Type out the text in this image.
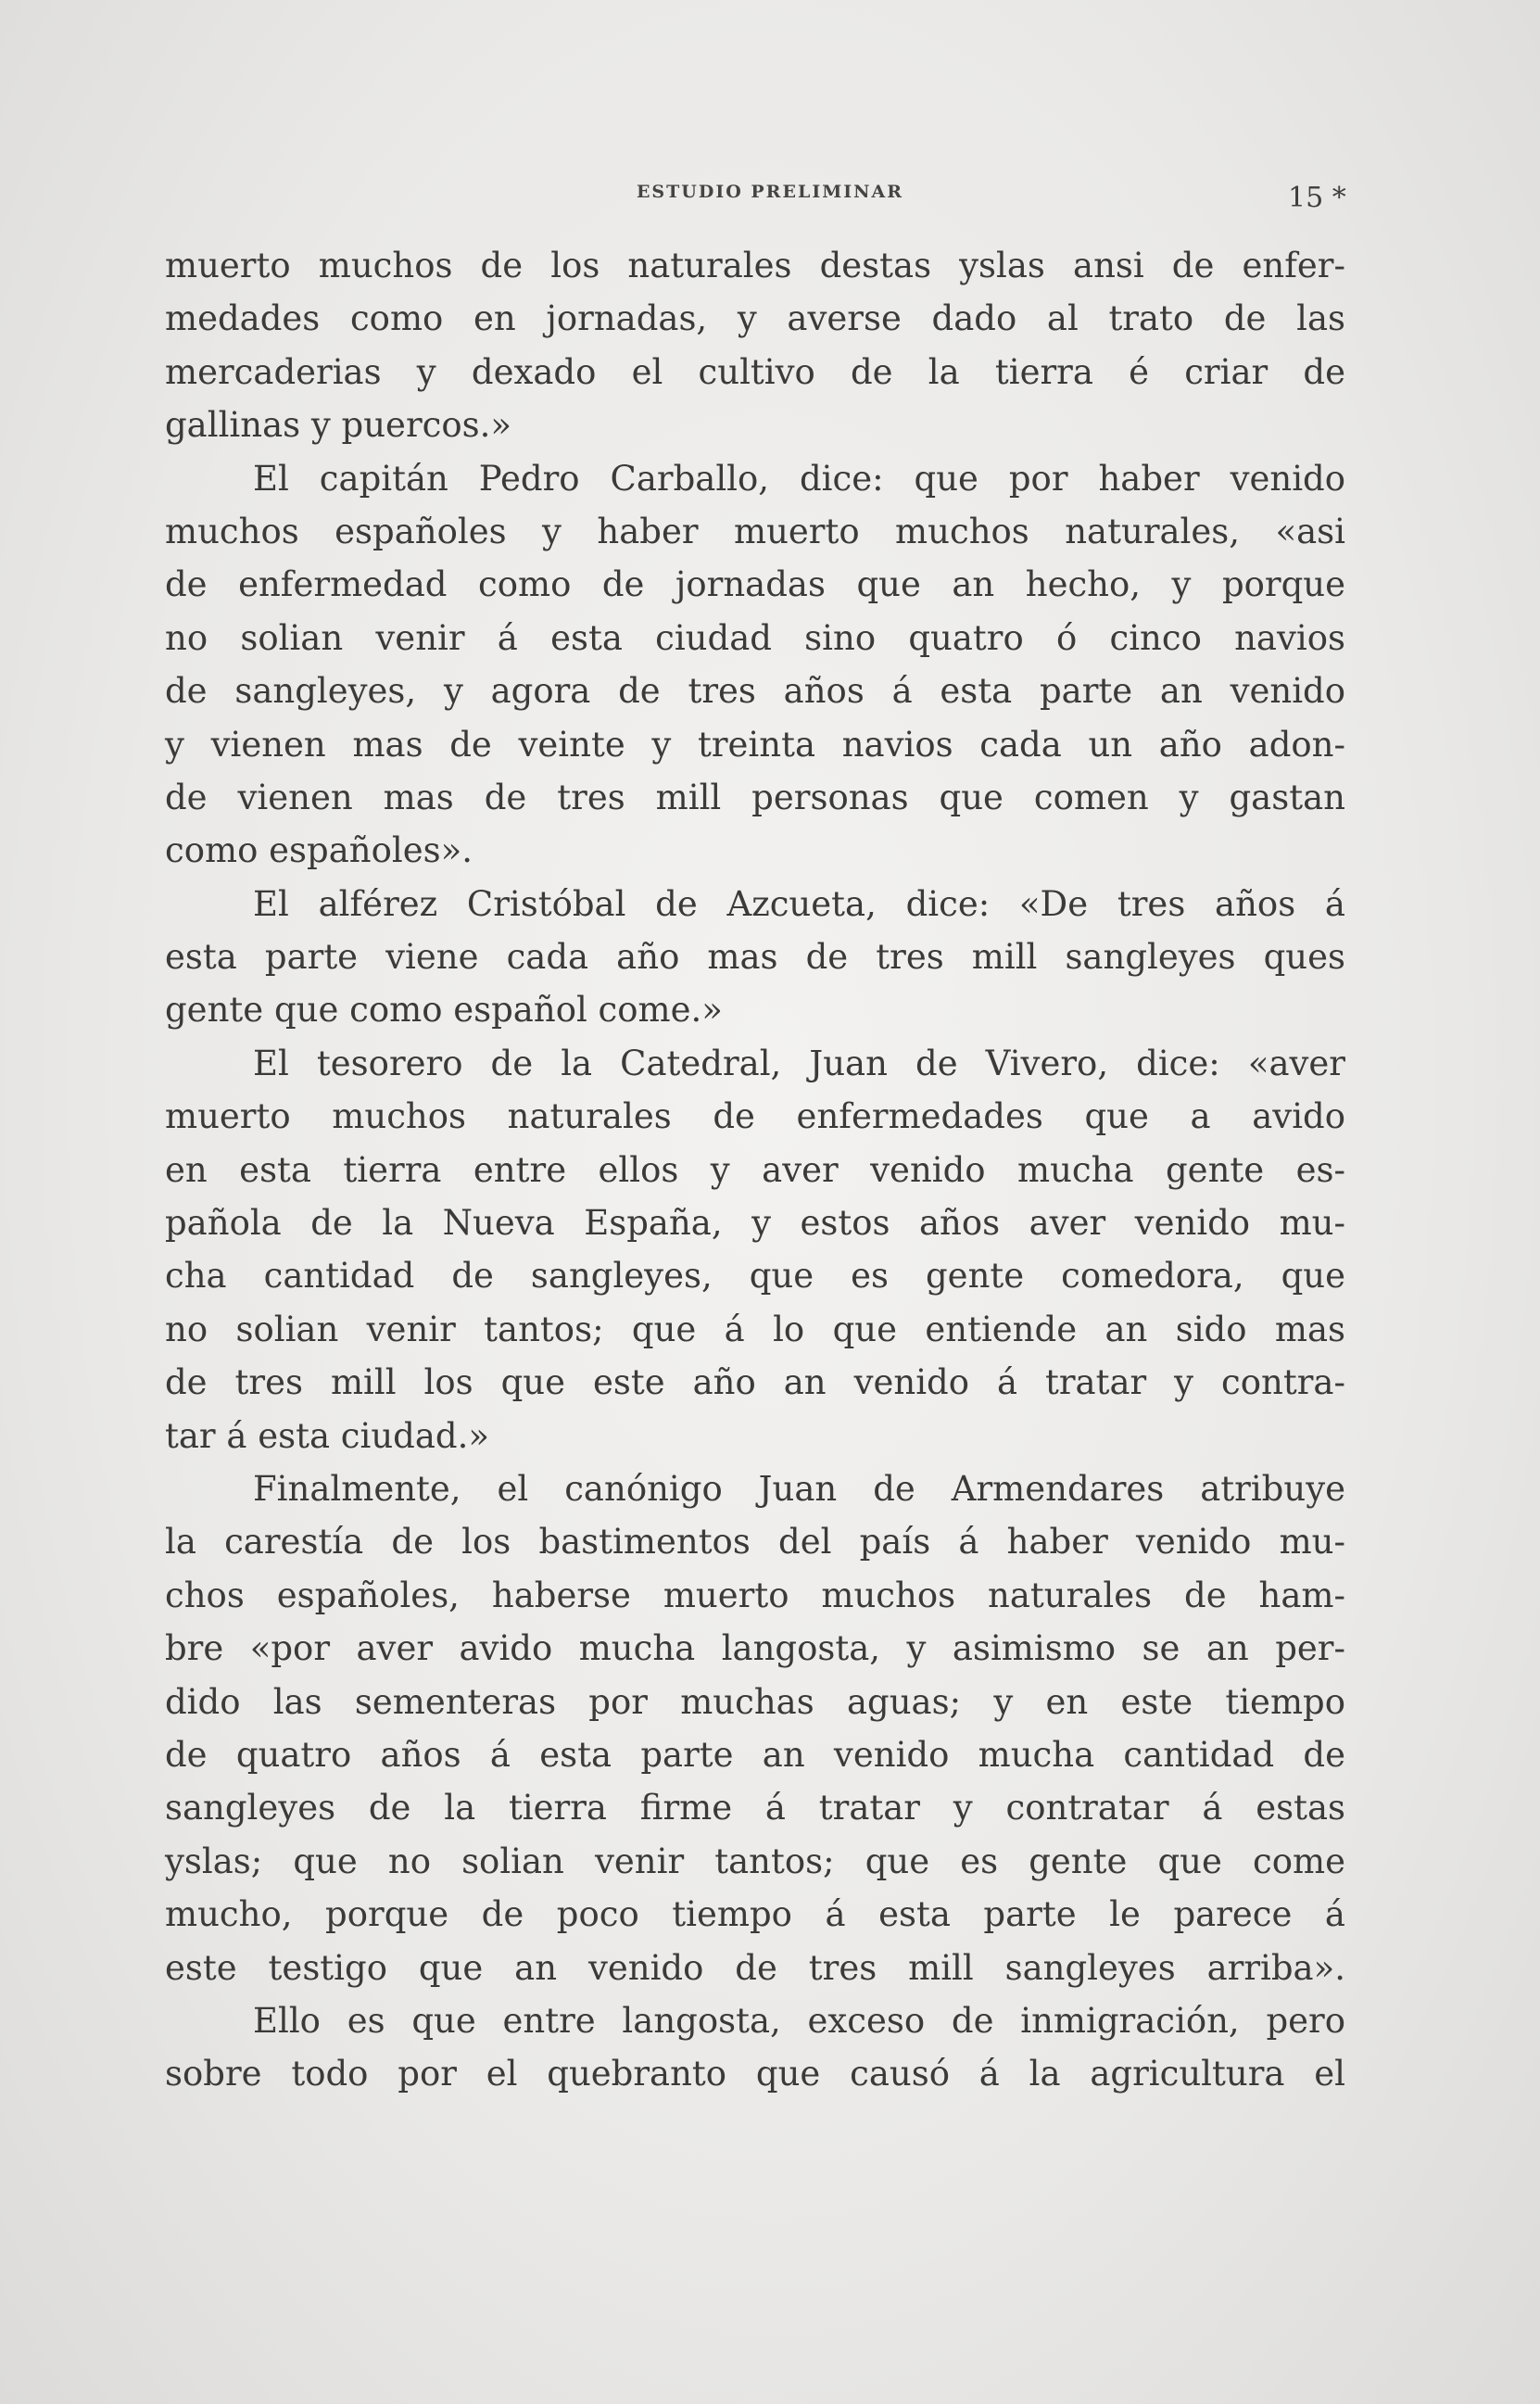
ESTUDIO PRELIMINAR	15 *
muerto muchos de los naturales destas yslas ansi de enfer-
medades como en jornadas, y averse dado al trato de las
mercaderias y dexado el cultivo de la tierra é criar de
gallinas y puercos.»
El capitán Pedro Carballo, dice: que por haber venido
muchos españoles y haber muerto muchos naturales, «asi
de enfermedad como de jornadas que an hecho, y porque
no solian venir á esta ciudad sino quatro ó cinco navios
de sangleyes, y agora de tres años á esta parte an venido
y vienen mas de veinte y treinta navios cada un año adon-
de vienen mas de tres mill personas que comen y gastan
como españoles».
El alférez Cristóbal de Azcueta, dice: «De tres años á
esta parte viene cada año mas de tres mill sangleyes ques
gente que como español come.»
El tesorero de la Catedral, Juan de Vivero, dice: «aver
muerto muchos naturales de enfermedades que a avido
en esta tierra entre ellos y aver venido mucha gente es-
pañola de la Nueva España, y estos años aver venido mu-
cha cantidad de sangleyes, que es gente comedora, que
no solian venir tantos; que á lo que entiende an sido mas
de tres mill los que este año an venido á tratar y contra-
tar á esta ciudad.»
Finalmente, el canónigo Juan de Armendares atribuye
la carestía de los bastimentos del país á haber venido mu-
chos españoles, haberse muerto muchos naturales de ham-
bre «por aver avido mucha langosta, y asimismo se an per-
dido las sementeras por muchas aguas; y en este tiempo
de quatro años á esta parte an venido mucha cantidad de
sangleyes de la tierra firme á tratar y contratar á estas
yslas; que no solian venir tantos; que es gente que come
mucho, porque de poco tiempo á esta parte le parece á
este testigo que an venido de tres mill sangleyes arriba».
Ello es que entre langosta, exceso de inmigración, pero
sobre todo por el quebranto que causó á la agricultura el
